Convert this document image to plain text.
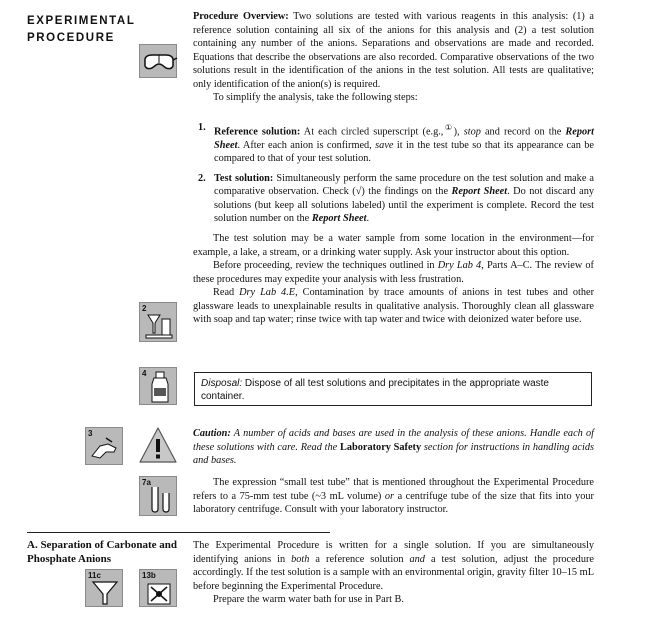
EXPERIMENTAL
PROCEDURE

Procedure Overview: Two solutions are tested with various reagents in this analysis: (1) a reference solution containing all six of the anions for this analysis and (2) a test solution containing any number of the anions. Separations and observations are made and recorded. Equations that describe the observations are also recorded. Comparative observations of the two solutions result in the identification of the anions in the test solution. All tests are qualitative; only identification of the anion(s) is required.

To simplify the analysis, take the following steps:

1. Reference solution: At each circled superscript (e.g.,①), stop and record on the Report Sheet. After each anion is confirmed, save it in the test tube so that its appearance can be compared to that of your test solution.
2. Test solution: Simultaneously perform the same procedure on the test solution and make a comparative observation. Check (√) the findings on the Report Sheet. Do not discard any solutions (but keep all solutions labeled) until the experiment is complete. Record the test solution number on the Report Sheet.

The test solution may be a water sample from some location in the environment—for example, a lake, a stream, or a drinking water supply. Ask your instructor about this option.

Before proceeding, review the techniques outlined in Dry Lab 4, Parts A–C. The review of these procedures may expedite your analysis with less frustration.

Read Dry Lab 4.E, Contamination by trace amounts of anions in test tubes and other glassware leads to unexplainable results in qualitative analysis. Thoroughly clean all glassware with soap and tap water; rinse twice with tap water and twice with deionized water before use.

2
4
Disposal: Dispose of all test solutions and precipitates in the appropriate waste container.
3	Caution: A number of acids and bases are used in the analysis of these anions. Handle each of these solutions with care. Read the Laboratory Safety section for instructions in handling acids and bases.

7a	The expression “small test tube” that is mentioned throughout the Experimental Procedure refers to a 75-mm test tube (~3 mL volume) or a centrifuge tube of the size that fits into your laboratory centrifuge. Consult with your laboratory instructor.

A. Separation of Carbonate and Phosphate Anions
11c	13b

The Experimental Procedure is written for a single solution. If you are simultaneously identifying anions in both a reference solution and a test solution, adjust the procedure accordingly. If the test solution is a sample with an environmental origin, gravity filter 10–15 mL before beginning the Experimental Procedure.

Prepare the warm water bath for use in Part B.
